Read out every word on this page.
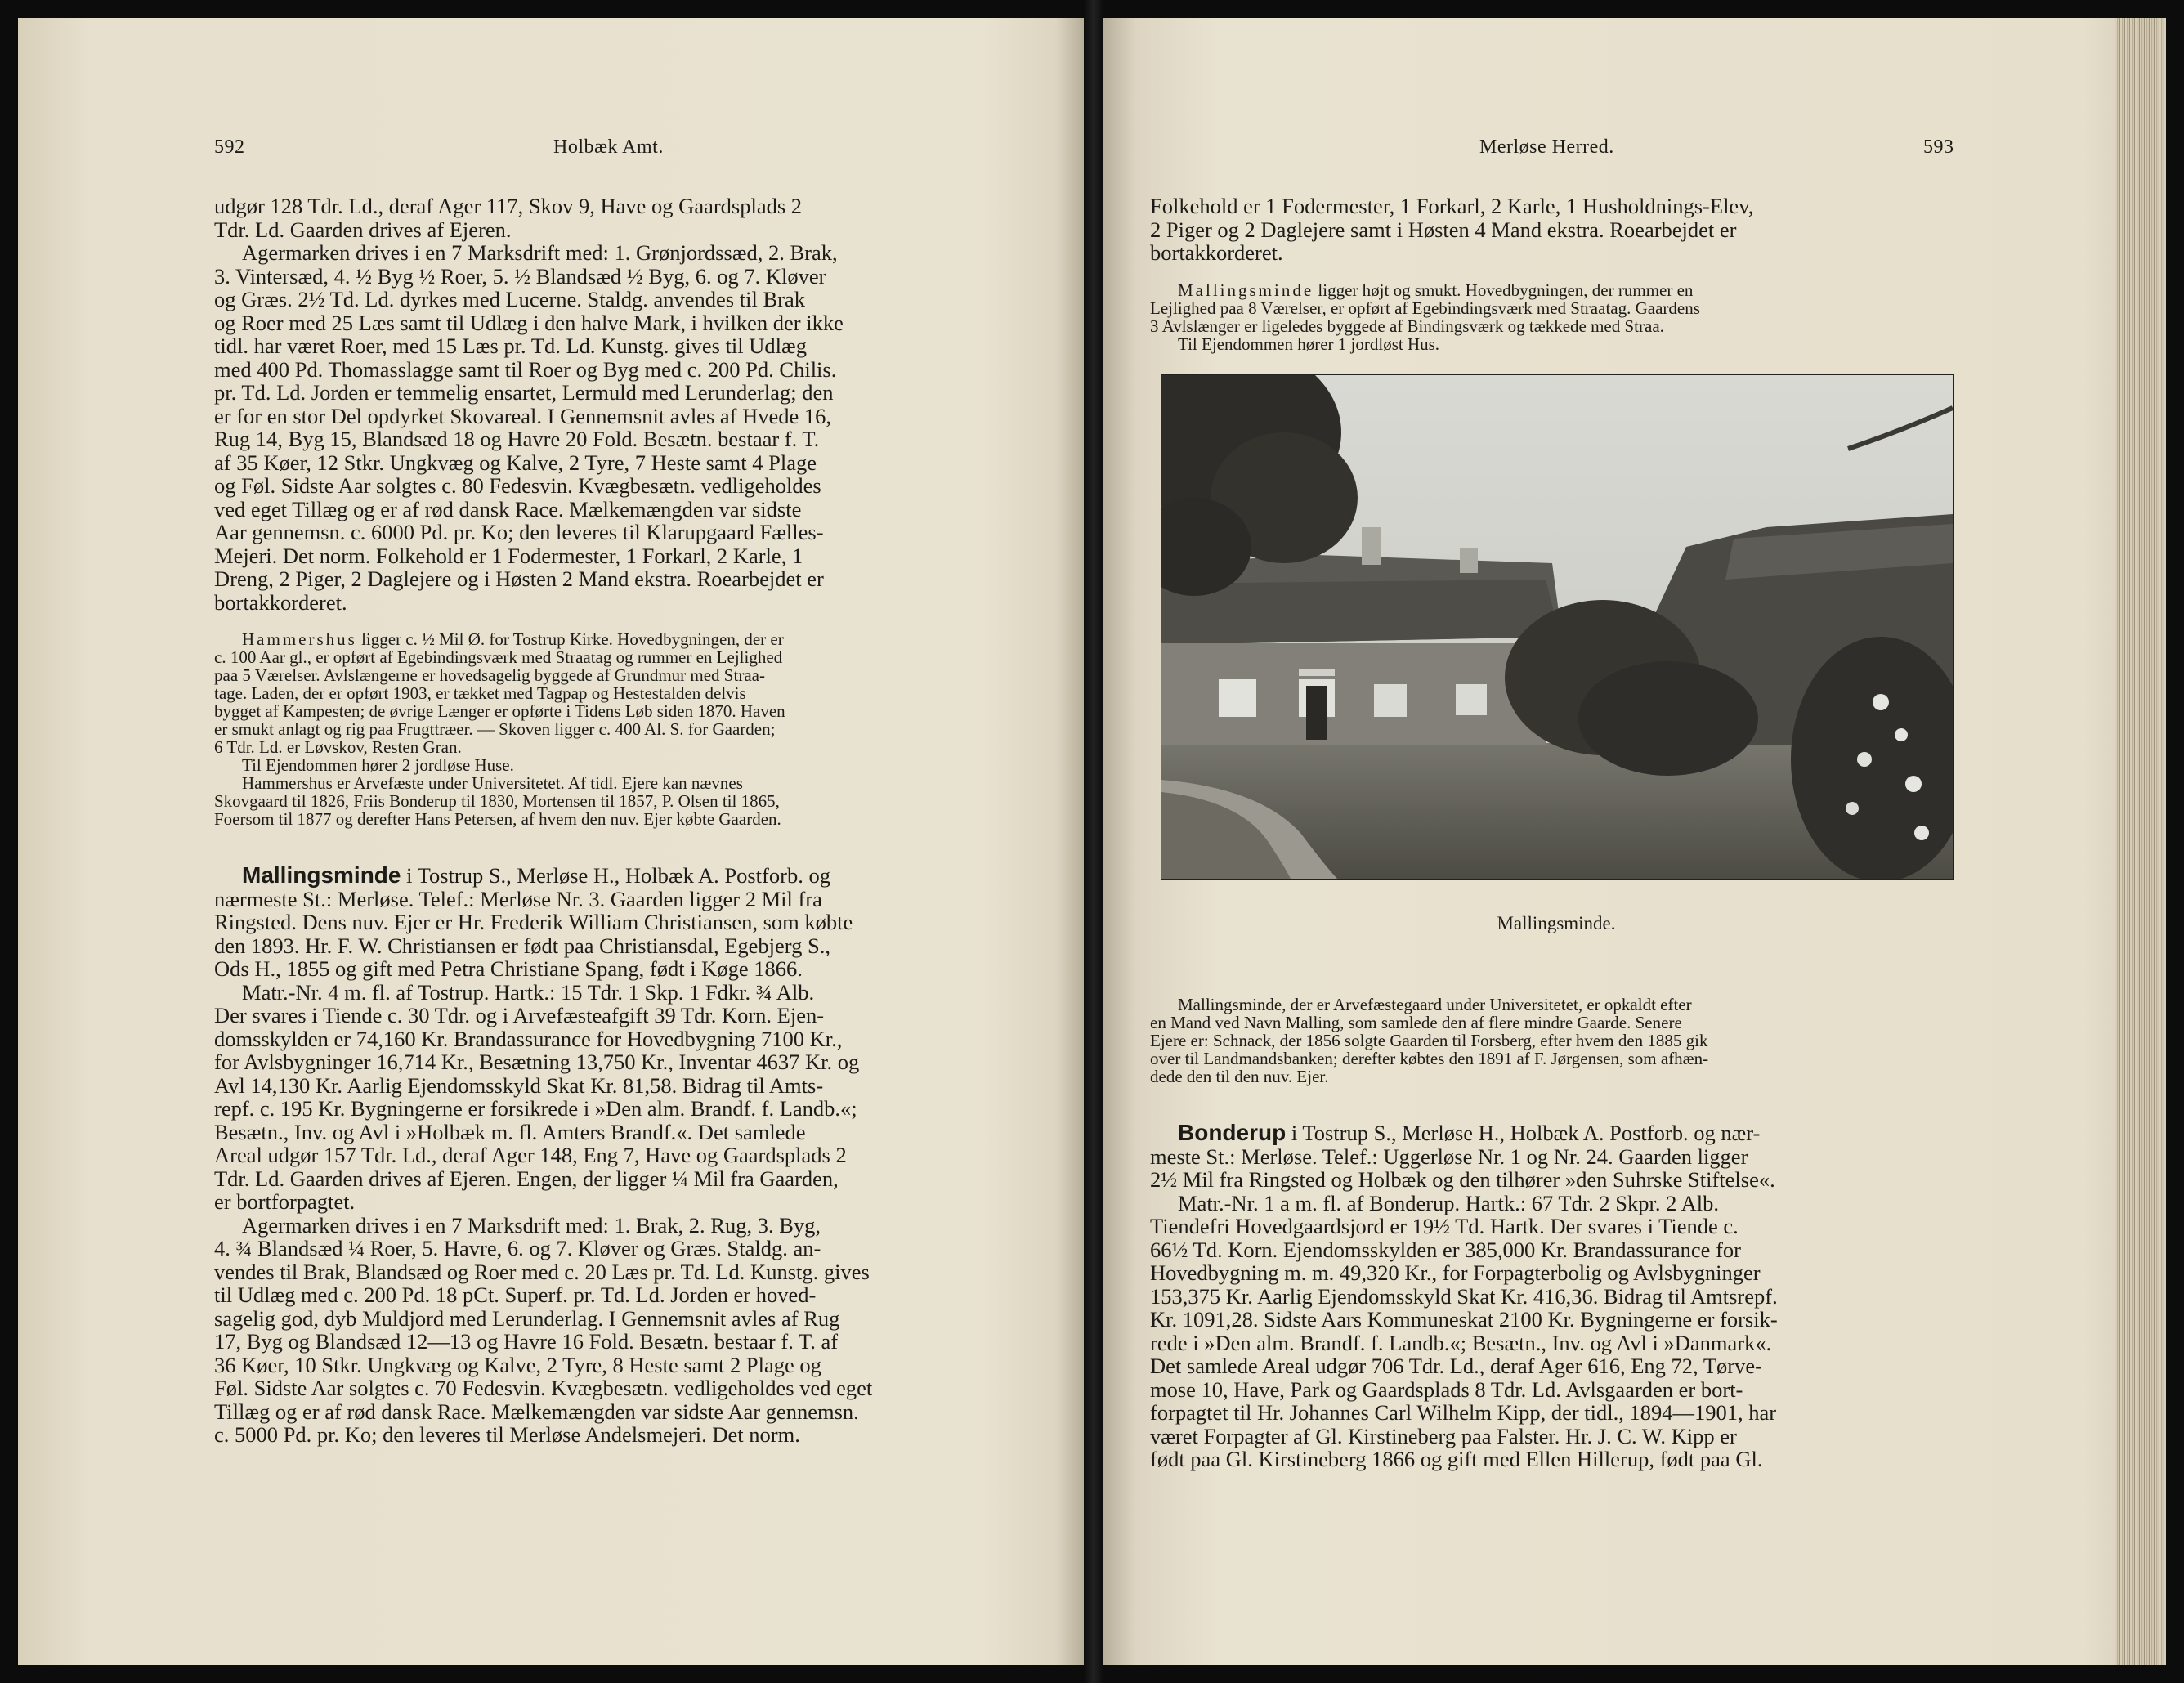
592	Holbæk Amt.

udgør 128 Tdr. Ld., deraf Ager 117, Skov 9, Have og Gaardsplads 2

Tdr. Ld. Gaarden drives af Ejeren.

Agermarken drives i en 7 Marksdrift med: 1. Grønjordssæd, 2. Brak,

3. Vintersæd, 4. ½ Byg ½ Roer, 5. ½ Blandsæd ½ Byg, 6. og 7. Kløver

og Græs. 2½ Td. Ld. dyrkes med Lucerne. Staldg. anvendes til Brak

og Roer med 25 Læs samt til Udlæg i den halve Mark, i hvilken der ikke

tidl. har været Roer, med 15 Læs pr. Td. Ld. Kunstg. gives til Udlæg

med 400 Pd. Thomasslagge samt til Roer og Byg med c. 200 Pd. Chilis.

pr. Td. Ld. Jorden er temmelig ensartet, Lermuld med Lerunderlag; den

er for en stor Del opdyrket Skovareal. I Gennemsnit avles af Hvede 16,

Rug 14, Byg 15, Blandsæd 18 og Havre 20 Fold. Besætn. bestaar f. T.

af 35 Køer, 12 Stkr. Ungkvæg og Kalve, 2 Tyre, 7 Heste samt 4 Plage

og Føl. Sidste Aar solgtes c. 80 Fedesvin. Kvægbesætn. vedligeholdes

ved eget Tillæg og er af rød dansk Race. Mælkemængden var sidste

Aar gennemsn. c. 6000 Pd. pr. Ko; den leveres til Klarupgaard Fælles-

Mejeri. Det norm. Folkehold er 1 Fodermester, 1 Forkarl, 2 Karle, 1

Dreng, 2 Piger, 2 Daglejere og i Høsten 2 Mand ekstra. Roearbejdet er

bortakkorderet.

Hammershus ligger c. ½ Mil Ø. for Tostrup Kirke. Hovedbygningen, der er

c. 100 Aar gl., er opført af Egebindingsværk med Straatag og rummer en Lejlighed

paa 5 Værelser. Avlslængerne er hovedsagelig byggede af Grundmur med Straa-

tage. Laden, der er opført 1903, er tækket med Tagpap og Hestestalden delvis

bygget af Kampesten; de øvrige Længer er opførte i Tidens Løb siden 1870. Haven

er smukt anlagt og rig paa Frugttræer. — Skoven ligger c. 400 Al. S. for Gaarden;

6 Tdr. Ld. er Løvskov, Resten Gran.

Til Ejendommen hører 2 jordløse Huse.

Hammershus er Arvefæste under Universitetet. Af tidl. Ejere kan nævnes

Skovgaard til 1826, Friis Bonderup til 1830, Mortensen til 1857, P. Olsen til 1865,

Foersom til 1877 og derefter Hans Petersen, af hvem den nuv. Ejer købte Gaarden.

Mallingsminde i Tostrup S., Merløse H., Holbæk A. Postforb. og

nærmeste St.: Merløse. Telef.: Merløse Nr. 3. Gaarden ligger 2 Mil fra

Ringsted. Dens nuv. Ejer er Hr. Frederik William Christiansen, som købte

den 1893. Hr. F. W. Christiansen er født paa Christiansdal, Egebjerg S.,

Ods H., 1855 og gift med Petra Christiane Spang, født i Køge 1866.

Matr.-Nr. 4 m. fl. af Tostrup. Hartk.: 15 Tdr. 1 Skp. 1 Fdkr. ¾ Alb.

Der svares i Tiende c. 30 Tdr. og i Arvefæsteafgift 39 Tdr. Korn. Ejen-

domsskylden er 74,160 Kr. Brandassurance for Hovedbygning 7100 Kr.,

for Avlsbygninger 16,714 Kr., Besætning 13,750 Kr., Inventar 4637 Kr. og

Avl 14,130 Kr. Aarlig Ejendomsskyld Skat Kr. 81,58. Bidrag til Amts-

repf. c. 195 Kr. Bygningerne er forsikrede i »Den alm. Brandf. f. Landb.«;

Besætn., Inv. og Avl i »Holbæk m. fl. Amters Brandf.«. Det samlede

Areal udgør 157 Tdr. Ld., deraf Ager 148, Eng 7, Have og Gaardsplads 2

Tdr. Ld. Gaarden drives af Ejeren. Engen, der ligger ¼ Mil fra Gaarden,

er bortforpagtet.

Agermarken drives i en 7 Marksdrift med: 1. Brak, 2. Rug, 3. Byg,

4. ¾ Blandsæd ¼ Roer, 5. Havre, 6. og 7. Kløver og Græs. Staldg. an-

vendes til Brak, Blandsæd og Roer med c. 20 Læs pr. Td. Ld. Kunstg. gives

til Udlæg med c. 200 Pd. 18 pCt. Superf. pr. Td. Ld. Jorden er hoved-

sagelig god, dyb Muldjord med Lerunderlag. I Gennemsnit avles af Rug

17, Byg og Blandsæd 12—13 og Havre 16 Fold. Besætn. bestaar f. T. af

36 Køer, 10 Stkr. Ungkvæg og Kalve, 2 Tyre, 8 Heste samt 2 Plage og

Føl. Sidste Aar solgtes c. 70 Fedesvin. Kvægbesætn. vedligeholdes ved eget

Tillæg og er af rød dansk Race. Mælkemængden var sidste Aar gennemsn.

c. 5000 Pd. pr. Ko; den leveres til Merløse Andelsmejeri. Det norm.

Merløse Herred.	593

Folkehold er 1 Fodermester, 1 Forkarl, 2 Karle, 1 Husholdnings-Elev,

2 Piger og 2 Daglejere samt i Høsten 4 Mand ekstra. Roearbejdet er

bortakkorderet.

Mallingsminde ligger højt og smukt. Hovedbygningen, der rummer en

Lejlighed paa 8 Værelser, er opført af Egebindingsværk med Straatag. Gaardens

3 Avlslænger er ligeledes byggede af Bindingsværk og tækkede med Straa.

Til Ejendommen hører 1 jordløst Hus.

Mallingsminde, der er Arvefæstegaard under Universitetet, er opkaldt efter

en Mand ved Navn Malling, som samlede den af flere mindre Gaarde. Senere

Ejere er: Schnack, der 1856 solgte Gaarden til Forsberg, efter hvem den 1885 gik

over til Landmandsbanken; derefter købtes den 1891 af F. Jørgensen, som afhæn-

dede den til den nuv. Ejer.

Bonderup i Tostrup S., Merløse H., Holbæk A. Postforb. og nær-

meste St.: Merløse. Telef.: Uggerløse Nr. 1 og Nr. 24. Gaarden ligger

2½ Mil fra Ringsted og Holbæk og den tilhører »den Suhrske Stiftelse«.

Matr.-Nr. 1 a m. fl. af Bonderup. Hartk.: 67 Tdr. 2 Skpr. 2 Alb.

Tiendefri Hovedgaardsjord er 19½ Td. Hartk. Der svares i Tiende c.

66½ Td. Korn. Ejendomsskylden er 385,000 Kr. Brandassurance for

Hovedbygning m. m. 49,320 Kr., for Forpagterbolig og Avlsbygninger

153,375 Kr. Aarlig Ejendomsskyld Skat Kr. 416,36. Bidrag til Amtsrepf.

Kr. 1091,28. Sidste Aars Kommuneskat 2100 Kr. Bygningerne er forsik-

rede i »Den alm. Brandf. f. Landb.«; Besætn., Inv. og Avl i »Danmark«.

Det samlede Areal udgør 706 Tdr. Ld., deraf Ager 616, Eng 72, Tørve-

mose 10, Have, Park og Gaardsplads 8 Tdr. Ld. Avlsgaarden er bort-

forpagtet til Hr. Johannes Carl Wilhelm Kipp, der tidl., 1894—1901, har

været Forpagter af Gl. Kirstineberg paa Falster. Hr. J. C. W. Kipp er

født paa Gl. Kirstineberg 1866 og gift med Ellen Hillerup, født paa Gl.

Mallingsminde.
